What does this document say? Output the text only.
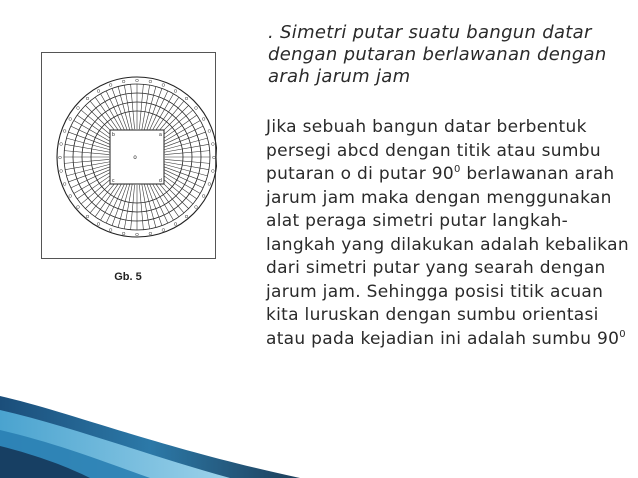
O
O
O
O
O
O
O
O
O
O
O
O
O
O
O
O
O
O
O
O
O
O
O
O
O
O
O O O
O
O
O
O
O
O
O
b	a
c	d
o
Gb. 5
. Simetri putar suatu bangun datar dengan putaran berlawanan dengan arah jarum jam
Jika sebuah bangun datar berbentuk persegi abcd dengan titik atau sumbu putaran o di putar $90^0$ berlawanan arah jarum jam maka dengan menggunakan alat peraga simetri putar langkah-langkah yang dilakukan adalah kebalikan dari simetri putar yang searah dengan jarum jam. Sehingga posisi titik acuan kita luruskan dengan sumbu orientasi atau pada kejadian ini adalah sumbu $90^0$
